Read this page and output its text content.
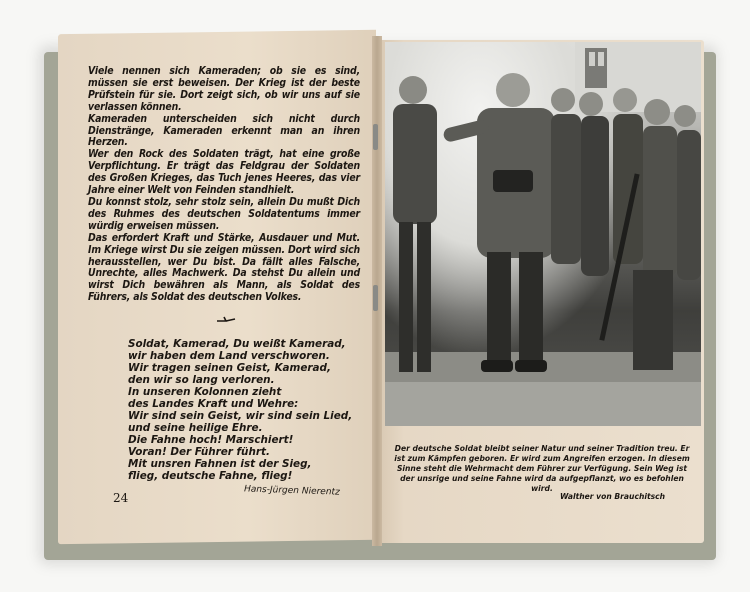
Viele nennen sich Kameraden; ob sie es sind, müssen sie erst beweisen. Der Krieg ist der beste Prüfstein für sie. Dort zeigt sich, ob wir uns auf sie verlassen können.

Kameraden unterscheiden sich nicht durch Dienstränge, Kameraden erkennt man an ihren Herzen.

Wer den Rock des Soldaten trägt, hat eine große Verpflichtung. Er trägt das Feldgrau der Soldaten des Großen Krieges, das Tuch jenes Heeres, das vier Jahre einer Welt von Feinden standhielt.

Du konnst stolz, sehr stolz sein, allein Du mußt Dich des Ruhmes des deutschen Soldatentums immer würdig erweisen müssen.

Das erfordert Kraft und Stärke, Ausdauer und Mut. Im Kriege wirst Du sie zeigen müssen. Dort wird sich herausstellen, wer Du bist. Da fällt alles Falsche, Unrechte, alles Machwerk. Da stehst Du allein und wirst Dich bewähren als Mann, als Soldat des Führers, als Soldat des deutschen Volkes.

Soldat, Kamerad, Du weißt Kamerad,
wir haben dem Land verschworen.
Wir tragen seinen Geist, Kamerad,
den wir so lang verloren.
In unseren Kolonnen zieht
des Landes Kraft und Wehre:
Wir sind sein Geist, wir sind sein Lied,
und seine heilige Ehre.
Die Fahne hoch! Marschiert!
Voran! Der Führer führt.
Mit unsren Fahnen ist der Sieg,
flieg, deutsche Fahne, flieg!
24	Hans-Jürgen Nierentz
Der deutsche Soldat bleibt seiner Natur und seiner Tradition treu. Er ist zum Kämpfen geboren. Er wird zum Angreifen erzogen. In diesem Sinne steht die Wehrmacht dem Führer zur Verfügung. Sein Weg ist der unsrige und seine Fahne wird da aufgepflanzt, wo es befohlen wird.
Walther von Brauchitsch
